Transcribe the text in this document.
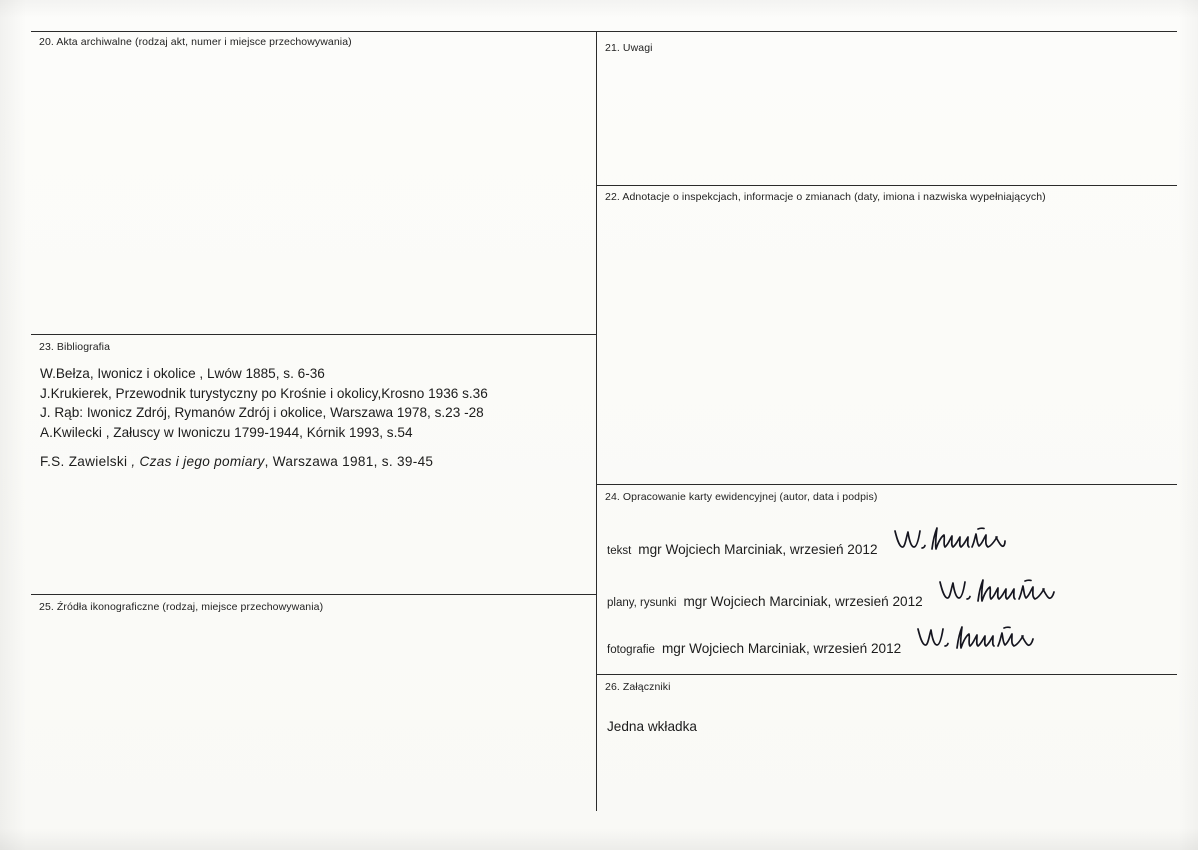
20. Akta archiwalne (rodzaj akt, numer i miejsce przechowywania)	21. Uwagi
22. Adnotacje o inspekcjach, informacje o zmianach (daty, imiona i nazwiska wypełniających)
23. Bibliografia
W.Bełza, Iwonicz i okolice , Lwów 1885, s. 6-36
J.Krukierek, Przewodnik turystyczny po Krośnie i okolicy,Krosno 1936 s.36
J. Rąb: Iwonicz Zdrój, Rymanów Zdrój i okolice, Warszawa 1978, s.23 -28
A.Kwilecki , Załuscy w Iwoniczu 1799-1944, Kórnik 1993, s.54
F.S. Zawielski , Czas i jego pomiary, Warszawa 1981, s. 39-45
24. Opracowanie karty ewidencyjnej (autor, data i podpis)
tekst mgr Wojciech Marciniak, wrzesień 2012
plany, rysunki mgr Wojciech Marciniak, wrzesień 2012
fotografie mgr Wojciech Marciniak, wrzesień 2012
25. Źródła ikonograficzne (rodzaj, miejsce przechowywania)
26. Załączniki
Jedna wkładka
